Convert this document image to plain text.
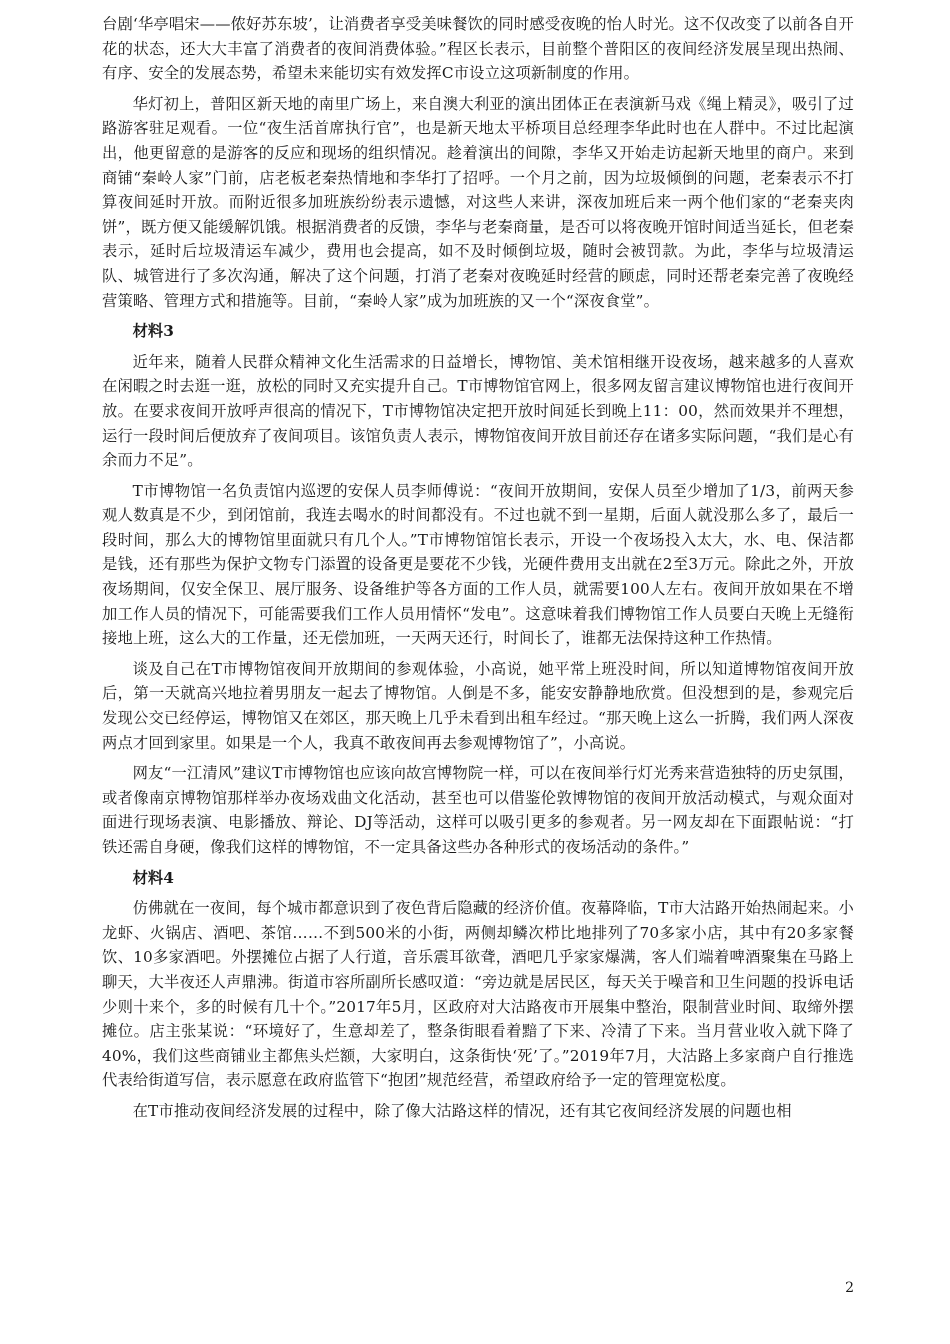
台剧‘华亭唱宋——侬好苏东坡’，让消费者享受美味餐饮的同时感受夜晚的怡人时光。这不仅改变了以前各自开花的状态，还大大丰富了消费者的夜间消费体验。”程区长表示，目前整个普阳区的夜间经济发展呈现出热闹、有序、安全的发展态势，希望未来能切实有效发挥C市设立这项新制度的作用。

华灯初上，普阳区新天地的南里广场上，来自澳大利亚的演出团体正在表演新马戏《绳上精灵》，吸引了过路游客驻足观看。一位“夜生活首席执行官”，也是新天地太平桥项目总经理李华此时也在人群中。不过比起演出，他更留意的是游客的反应和现场的组织情况。趁着演出的间隙，李华又开始走访起新天地里的商户。来到商铺“秦岭人家”门前，店老板老秦热情地和李华打了招呼。一个月之前，因为垃圾倾倒的问题，老秦表示不打算夜间延时开放。而附近很多加班族纷纷表示遗憾，对这些人来讲，深夜加班后来一两个他们家的“老秦夹肉饼”，既方便又能缓解饥饿。根据消费者的反馈，李华与老秦商量，是否可以将夜晚开馆时间适当延长，但老秦表示，延时后垃圾清运车减少，费用也会提高，如不及时倾倒垃圾，随时会被罚款。为此，李华与垃圾清运队、城管进行了多次沟通，解决了这个问题，打消了老秦对夜晚延时经营的顾虑，同时还帮老秦完善了夜晚经营策略、管理方式和措施等。目前，“秦岭人家”成为加班族的又一个“深夜食堂”。

材料3

近年来，随着人民群众精神文化生活需求的日益增长，博物馆、美术馆相继开设夜场，越来越多的人喜欢在闲暇之时去逛一逛，放松的同时又充实提升自己。T市博物馆官网上，很多网友留言建议博物馆也进行夜间开放。在要求夜间开放呼声很高的情况下，T市博物馆决定把开放时间延长到晚上11：00，然而效果并不理想，运行一段时间后便放弃了夜间项目。该馆负责人表示，博物馆夜间开放目前还存在诸多实际问题，“我们是心有余而力不足”。

T市博物馆一名负责馆内巡逻的安保人员李师傅说：“夜间开放期间，安保人员至少增加了1/3，前两天参观人数真是不少，到闭馆前，我连去喝水的时间都没有。不过也就不到一星期，后面人就没那么多了，最后一段时间，那么大的博物馆里面就只有几个人。”T市博物馆馆长表示，开设一个夜场投入太大，水、电、保洁都是钱，还有那些为保护文物专门添置的设备更是要花不少钱，光硬件费用支出就在2至3万元。除此之外，开放夜场期间，仅安全保卫、展厅服务、设备维护等各方面的工作人员，就需要100人左右。夜间开放如果在不增加工作人员的情况下，可能需要我们工作人员用情怀“发电”。这意味着我们博物馆工作人员要白天晚上无缝衔接地上班，这么大的工作量，还无偿加班，一天两天还行，时间长了，谁都无法保持这种工作热情。

谈及自己在T市博物馆夜间开放期间的参观体验，小高说，她平常上班没时间，所以知道博物馆夜间开放后，第一天就高兴地拉着男朋友一起去了博物馆。人倒是不多，能安安静静地欣赏。但没想到的是，参观完后发现公交已经停运，博物馆又在郊区，那天晚上几乎未看到出租车经过。“那天晚上这么一折腾，我们两人深夜两点才回到家里。如果是一个人，我真不敢夜间再去参观博物馆了”，小高说。

网友“一江清风”建议T市博物馆也应该向故宫博物院一样，可以在夜间举行灯光秀来营造独特的历史氛围，或者像南京博物馆那样举办夜场戏曲文化活动，甚至也可以借鉴伦敦博物馆的夜间开放活动模式，与观众面对面进行现场表演、电影播放、辩论、DJ等活动，这样可以吸引更多的参观者。另一网友却在下面跟帖说：“打铁还需自身硬，像我们这样的博物馆，不一定具备这些办各种形式的夜场活动的条件。”

材料4

仿佛就在一夜间，每个城市都意识到了夜色背后隐藏的经济价值。夜幕降临，T市大沽路开始热闹起来。小龙虾、火锅店、酒吧、茶馆……不到500米的小街，两侧却鳞次栉比地排列了70多家小店，其中有20多家餐饮、10多家酒吧。外摆摊位占据了人行道，音乐震耳欲聋，酒吧几乎家家爆满，客人们端着啤酒聚集在马路上聊天，大半夜还人声鼎沸。街道市容所副所长感叹道：“旁边就是居民区，每天关于噪音和卫生问题的投诉电话少则十来个，多的时候有几十个。”2017年5月，区政府对大沽路夜市开展集中整治，限制营业时间、取缔外摆摊位。店主张某说：“环境好了，生意却差了，整条街眼看着黯了下来、冷清了下来。当月营业收入就下降了40%，我们这些商铺业主都焦头烂额，大家明白，这条街快‘死’了。”2019年7月，大沽路上多家商户自行推选代表给街道写信，表示愿意在政府监管下“抱团”规范经营，希望政府给予一定的管理宽松度。

在T市推动夜间经济发展的过程中，除了像大沽路这样的情况，还有其它夜间经济发展的问题也相

2
